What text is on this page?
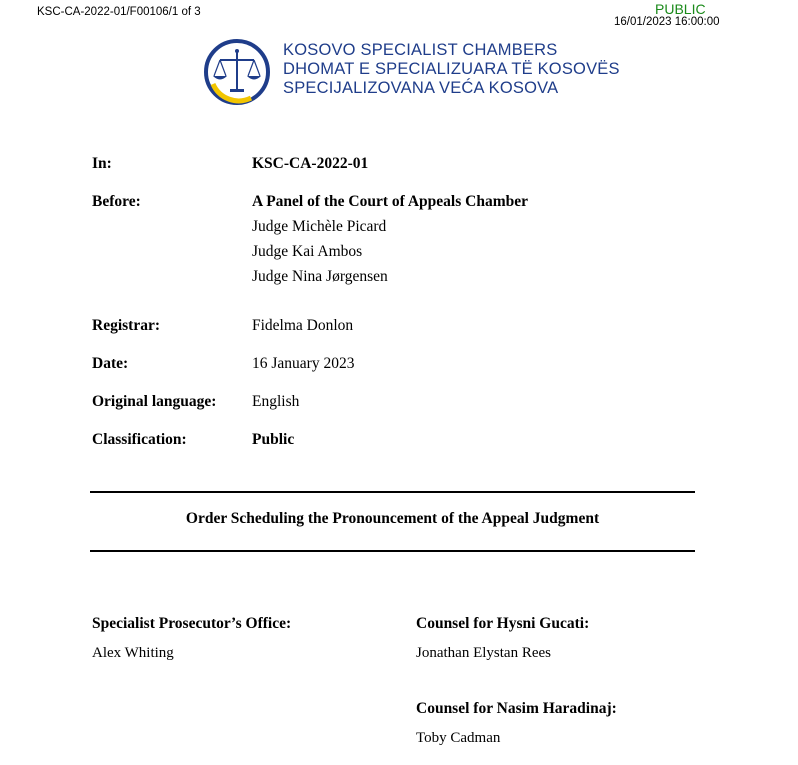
KSC-CA-2022-01/F00106/1 of 3	PUBLIC
16/01/2023 16:00:00
KOSOVO SPECIALIST CHAMBERS
DHOMAT E SPECIALIZUARA TË KOSOVËS
SPECIJALIZOVANA VEĆA KOSOVA
In:	KSC-CA-2022-01
Before:	A Panel of the Court of Appeals Chamber
Judge Michèle Picard
Judge Kai Ambos
Judge Nina Jørgensen
Registrar:	Fidelma Donlon
Date:	16 January 2023
Original language: English
Classification:	Public
Order Scheduling the Pronouncement of the Appeal Judgment
Specialist Prosecutor’s Office:
Alex Whiting
Counsel for Hysni Gucati:
Jonathan Elystan Rees
Counsel for Nasim Haradinaj:
Toby Cadman
